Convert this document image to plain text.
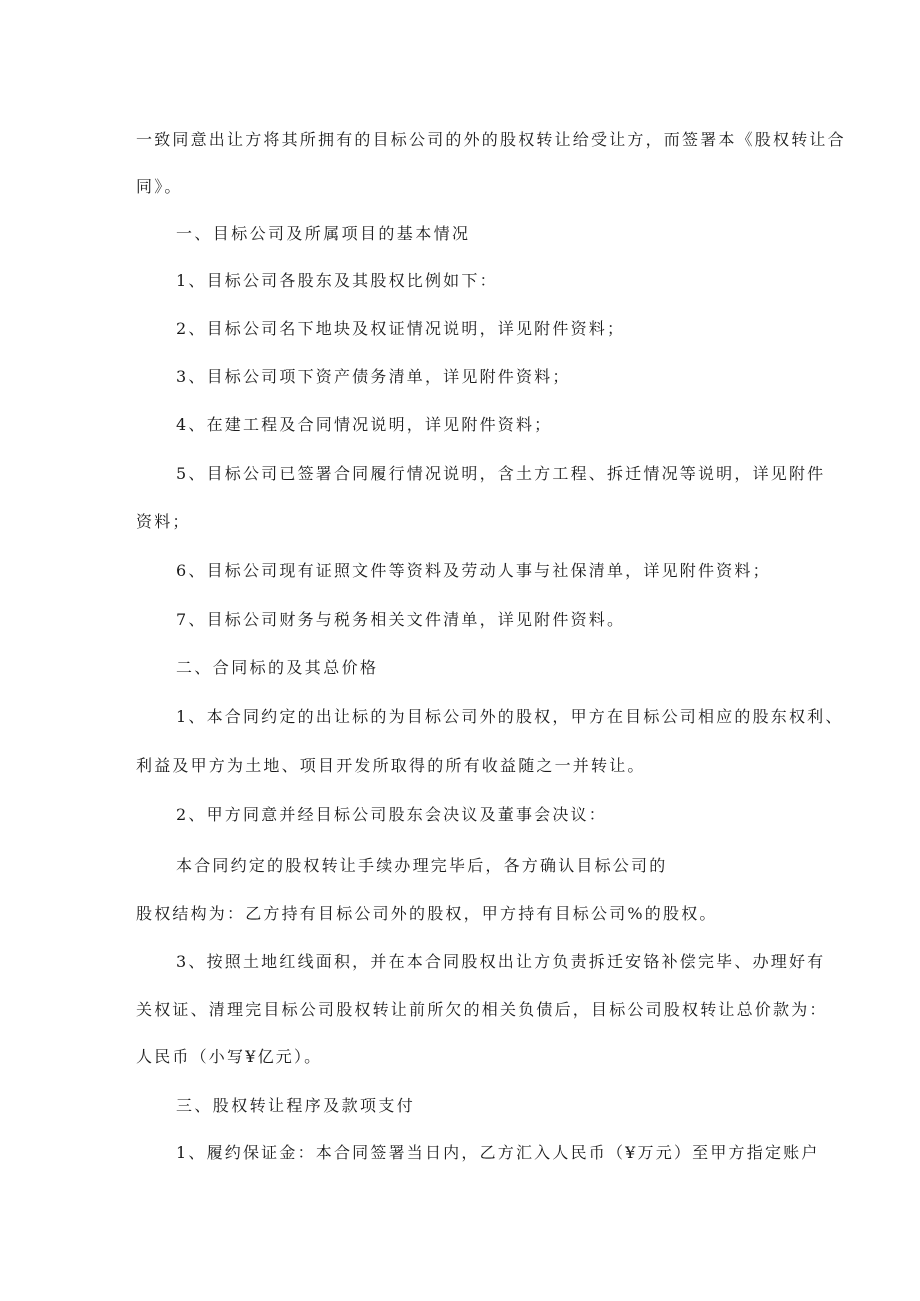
一致同意出让方将其所拥有的目标公司的外的股权转让给受让方，而签署本《股权转让合
同》。
一、目标公司及所属项目的基本情况
1、目标公司各股东及其股权比例如下：
2、目标公司名下地块及权证情况说明，详见附件资料；
3、目标公司项下资产债务清单，详见附件资料；
4、在建工程及合同情况说明，详见附件资料；
5、目标公司已签署合同履行情况说明，含土方工程、拆迁情况等说明，详见附件
资料；
6、目标公司现有证照文件等资料及劳动人事与社保清单，详见附件资料；
7、目标公司财务与税务相关文件清单，详见附件资料。
二、合同标的及其总价格
1、本合同约定的出让标的为目标公司外的股权，甲方在目标公司相应的股东权利、
利益及甲方为土地、项目开发所取得的所有收益随之一并转让。
2、甲方同意并经目标公司股东会决议及董事会决议：
本合同约定的股权转让手续办理完毕后，各方确认目标公司的
股权结构为：乙方持有目标公司外的股权，甲方持有目标公司%的股权。
3、按照土地红线面积，并在本合同股权出让方负责拆迁安铬补偿完毕、办理好有
关权证、清理完目标公司股权转让前所欠的相关负债后，目标公司股权转让总价款为：
人民币（小写¥亿元）。
三、股权转让程序及款项支付
1、履约保证金：本合同签署当日内，乙方汇入人民币（¥万元）至甲方指定账户
